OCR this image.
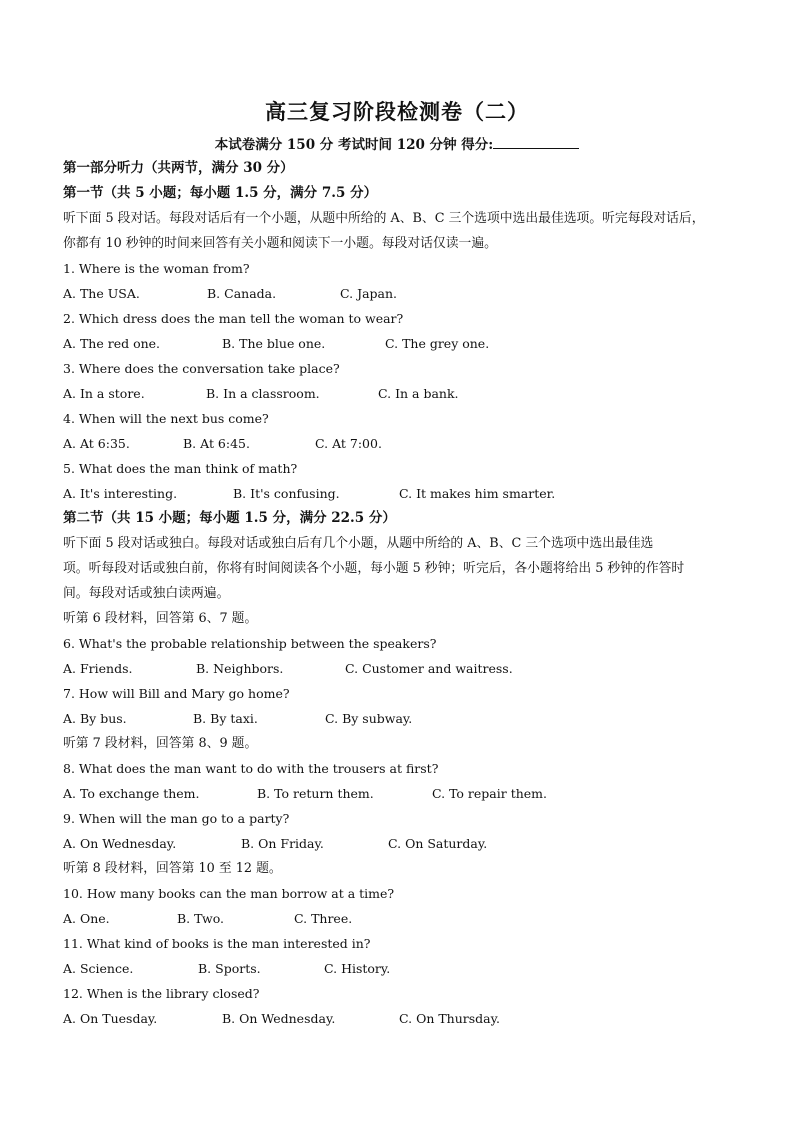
高三复习阶段检测卷（二）
本试卷满分 150 分 考试时间 120 分钟 得分:
第一部分听力（共两节，满分 30 分）
第一节（共 5 小题；每小题 1.5 分，满分 7.5 分）
听下面 5 段对话。每段对话后有一个小题，从题中所给的 A、B、C 三个选项中选出最佳选项。听完每段对话后，
你都有 10 秒钟的时间来回答有关小题和阅读下一小题。每段对话仅读一遍。
1. Where is the woman from?
A. The USA.	B. Canada.	C. Japan.
2. Which dress does the man tell the woman to wear?
A. The red one.	B. The blue one.	C. The grey one.
3. Where does the conversation take place?
A. In a store.	B. In a classroom.	C. In a bank.
4. When will the next bus come?
A. At 6:35.	B. At 6:45.	C. At 7:00.
5. What does the man think of math?
A. It's interesting.	B. It's confusing.	C. It makes him smarter.
第二节（共 15 小题；每小题 1.5 分，满分 22.5 分）
听下面 5 段对话或独白。每段对话或独白后有几个小题，从题中所给的 A、B、C 三个选项中选出最佳选
项。听每段对话或独白前，你将有时间阅读各个小题，每小题 5 秒钟；听完后，各小题将给出 5 秒钟的作答时
间。每段对话或独白读两遍。
听第 6 段材料，回答第 6、7 题。
6. What's the probable relationship between the speakers?
A. Friends.	B. Neighbors.	C. Customer and waitress.
7. How will Bill and Mary go home?
A. By bus.	B. By taxi.	C. By subway.
听第 7 段材料，回答第 8、9 题。
8. What does the man want to do with the trousers at first?
A. To exchange them.	B. To return them.	C. To repair them.
9. When will the man go to a party?
A. On Wednesday.	B. On Friday.	C. On Saturday.
听第 8 段材料，回答第 10 至 12 题。
10. How many books can the man borrow at a time?
A. One.	B. Two.	C. Three.
11. What kind of books is the man interested in?
A. Science.	B. Sports.	C. History.
12. When is the library closed?
A. On Tuesday.	B. On Wednesday.	C. On Thursday.
